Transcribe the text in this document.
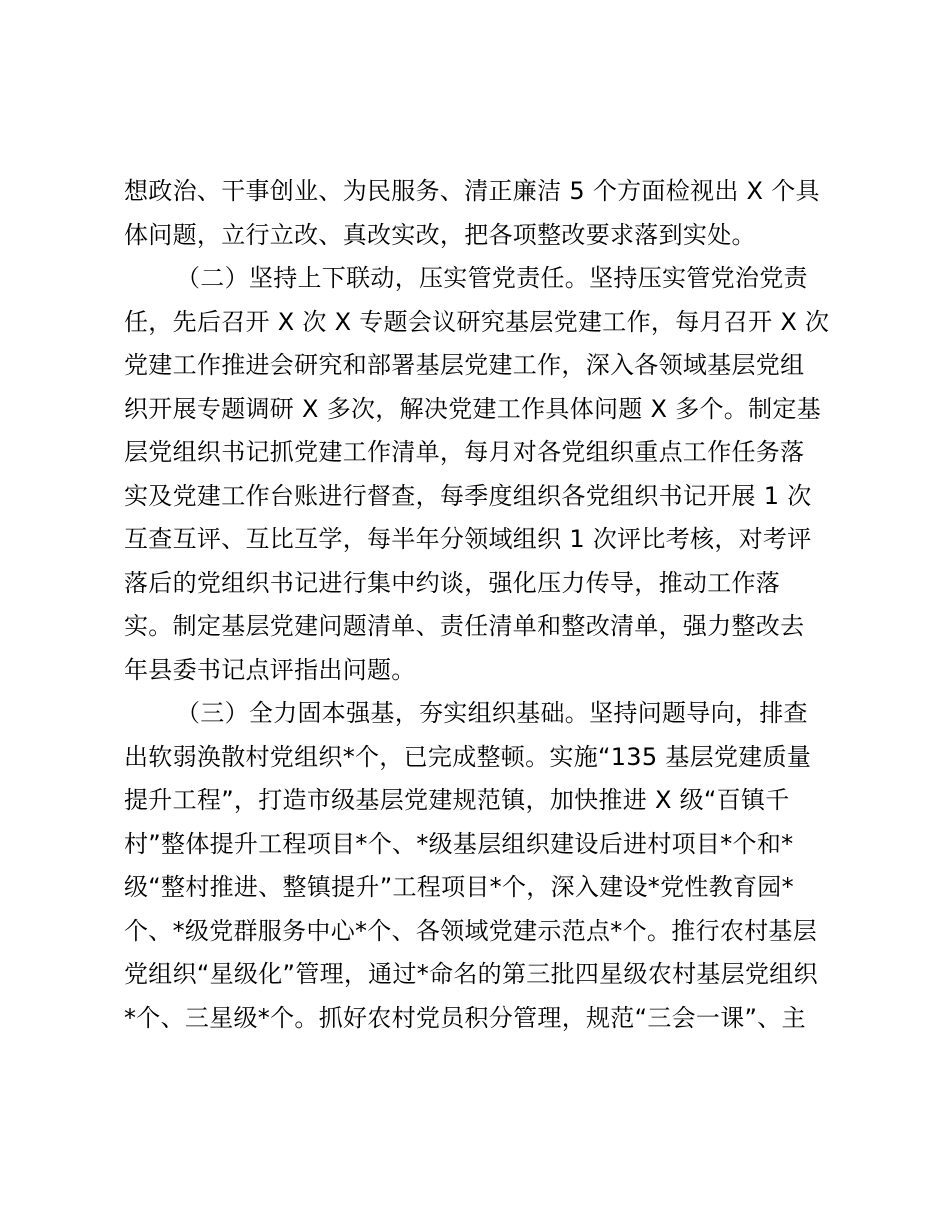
想政治、干事创业、为民服务、清正廉洁 5 个方面检视出 X 个具
体问题，立行立改、真改实改，把各项整改要求落到实处。
（二）坚持上下联动，压实管党责任。坚持压实管党治党责
任，先后召开 X 次 X 专题会议研究基层党建工作，每月召开 X 次
党建工作推进会研究和部署基层党建工作，深入各领域基层党组
织开展专题调研 X 多次，解决党建工作具体问题 X 多个。制定基
层党组织书记抓党建工作清单，每月对各党组织重点工作任务落
实及党建工作台账进行督查，每季度组织各党组织书记开展 1 次
互查互评、互比互学，每半年分领域组织 1 次评比考核，对考评
落后的党组织书记进行集中约谈，强化压力传导，推动工作落
实。制定基层党建问题清单、责任清单和整改清单，强力整改去
年县委书记点评指出问题。
（三）全力固本强基，夯实组织基础。坚持问题导向，排查
出软弱涣散村党组织*个，已完成整顿。实施“135 基层党建质量
提升工程”，打造市级基层党建规范镇，加快推进 X 级“百镇千
村”整体提升工程项目*个、*级基层组织建设后进村项目*个和*
级“整村推进、整镇提升”工程项目*个，深入建设*党性教育园*
个、*级党群服务中心*个、各领域党建示范点*个。推行农村基层
党组织“星级化”管理，通过*命名的第三批四星级农村基层党组织
*个、三星级*个。抓好农村党员积分管理，规范“三会一课”、主
